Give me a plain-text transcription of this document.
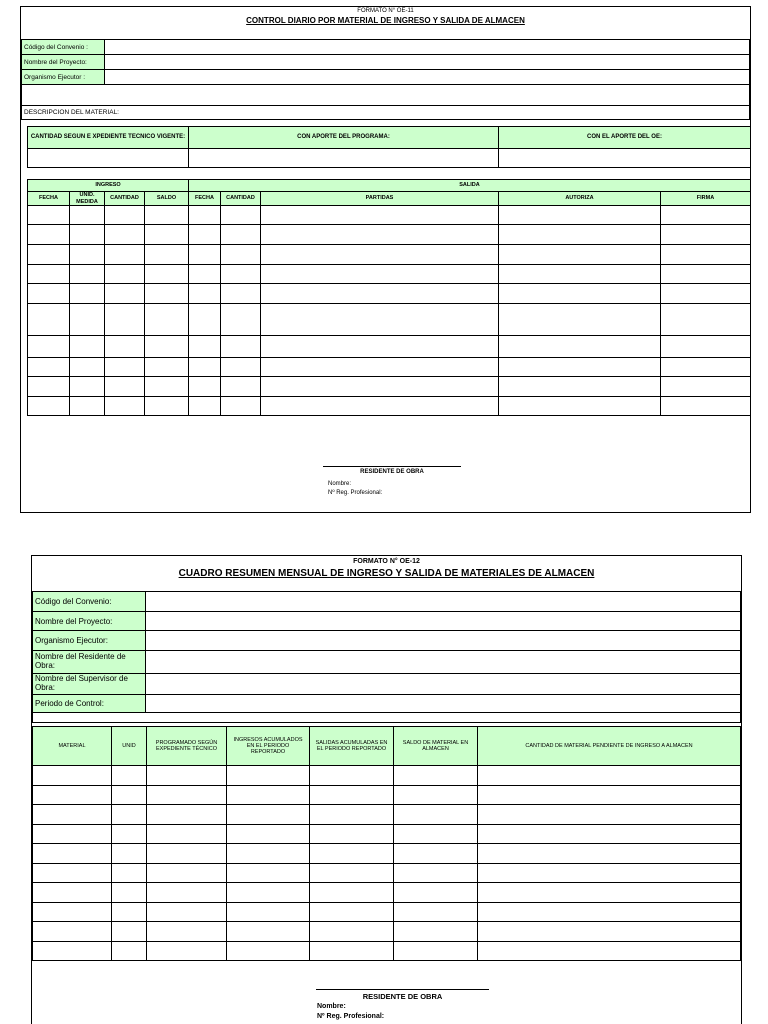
FORMATO N° OE-11
CONTROL DIARIO POR MATERIAL DE INGRESO Y SALIDA DE ALMACEN
Código del Convenio :	
Nombre del Proyecto:	
Organismo Ejecutor :	

DESCRIPCION DEL MATERIAL:	
CANTIDAD SEGUN E XPEDIENTE TECNICO VIGENTE:	CON APORTE DEL PROGRAMA:	CON EL APORTE DEL OE:

INGRESO				SALIDA				
FECHA	UNID. MEDIDA	CANTIDAD	SALDO	FECHA	CANTIDAD	PARTIDAS	AUTORIZA	FIRMA

RESIDENTE DE OBRA
Nombre:
Nº Reg. Profesional:
FORMATO N° OE-12
CUADRO RESUMEN MENSUAL DE INGRESO Y SALIDA DE MATERIALES DE ALMACEN
Código del Convenio:	
Nombre del Proyecto:	
Organismo Ejecutor:	
Nombre del Residente de Obra:	
Nombre del Supervisor de Obra:	
Periodo de Control:	

MATERIAL	UNID	PROGRAMADO SEGÚN EXPEDIENTE TÉCNICO	INGRESOS ACUMULADOS EN EL PERIODO REPORTADO	SALIDAS ACUMULADAS EN EL PERIODO REPORTADO	SALDO DE MATERIAL EN ALMACEN	CANTIDAD DE MATERIAL PENDIENTE DE INGRESO A ALMACEN

RESIDENTE DE OBRA
Nombre:
Nº Reg. Profesional:
